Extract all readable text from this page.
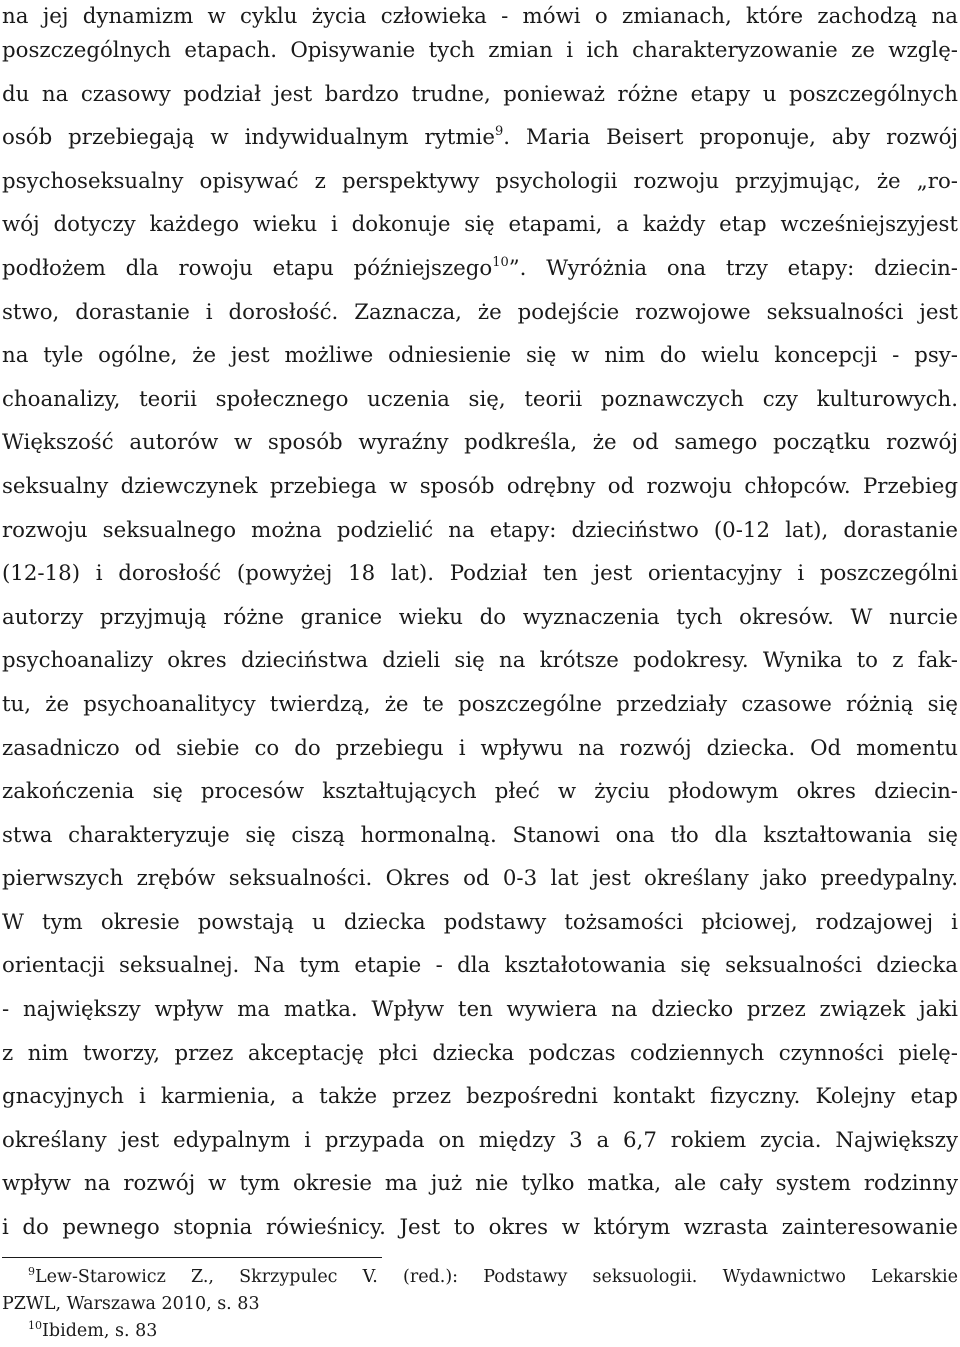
na jej dynamizm w cyklu życia człowieka - mówi o zmianach, które zachodzą na
poszczególnych etapach. Opisywanie tych zmian i ich charakteryzowanie ze wzglę-
du na czasowy podział jest bardzo trudne, ponieważ różne etapy u poszczególnych
osób przebiegają w indywidualnym rytmie$^9$. Maria Beisert proponuje, aby rozwój
psychoseksualny opisywać z perspektywy psychologii rozwoju przyjmując, że „ro-
wój dotyczy każdego wieku i dokonuje się etapami, a każdy etap wcześniejszyjest
podłożem dla rowoju etapu późniejszego$^{10}$”. Wyróżnia ona trzy etapy: dziecin-
stwo, dorastanie i dorosłość. Zaznacza, że podejście rozwojowe seksualności jest
na tyle ogólne, że jest możliwe odniesienie się w nim do wielu koncepcji - psy-
choanalizy, teorii społecznego uczenia się, teorii poznawczych czy kulturowych.
Większość autorów w sposób wyraźny podkreśla, że od samego początku rozwój
seksualny dziewczynek przebiega w sposób odrębny od rozwoju chłopców. Przebieg
rozwoju seksualnego można podzielić na etapy: dzieciństwo (0-12 lat), dorastanie
(12-18) i dorosłość (powyżej 18 lat). Podział ten jest orientacyjny i poszczególni
autorzy przyjmują różne granice wieku do wyznaczenia tych okresów. W nurcie
psychoanalizy okres dzieciństwa dzieli się na krótsze podokresy. Wynika to z fak-
tu, że psychoanalitycy twierdzą, że te poszczególne przedziały czasowe różnią się
zasadniczo od siebie co do przebiegu i wpływu na rozwój dziecka. Od momentu
zakończenia się procesów kształtujących płeć w życiu płodowym okres dziecin-
stwa charakteryzuje się ciszą hormonalną. Stanowi ona tło dla kształtowania się
pierwszych zrębów seksualności. Okres od 0-3 lat jest określany jako preedypalny.
W tym okresie powstają u dziecka podstawy tożsamości płciowej, rodzajowej i
orientacji seksualnej. Na tym etapie - dla kształotowania się seksualności dziecka
- największy wpływ ma matka. Wpływ ten wywiera na dziecko przez związek jaki
z nim tworzy, przez akceptację płci dziecka podczas codziennych czynności pielę-
gnacyjnych i karmienia, a także przez bezpośredni kontakt fizyczny. Kolejny etap
określany jest edypalnym i przypada on między 3 a 6,7 rokiem zycia. Największy
wpływ na rozwój w tym okresie ma już nie tylko matka, ale cały system rodzinny
i do pewnego stopnia rówieśnicy. Jest to okres w którym wzrasta zainteresowanie
$^9$Lew-Starowicz Z., Skrzypulec V. (red.): Podstawy seksuologii. Wydawnictwo Lekarskie
PZWL, Warszawa 2010, s. 83
$^{10}$Ibidem, s. 83
